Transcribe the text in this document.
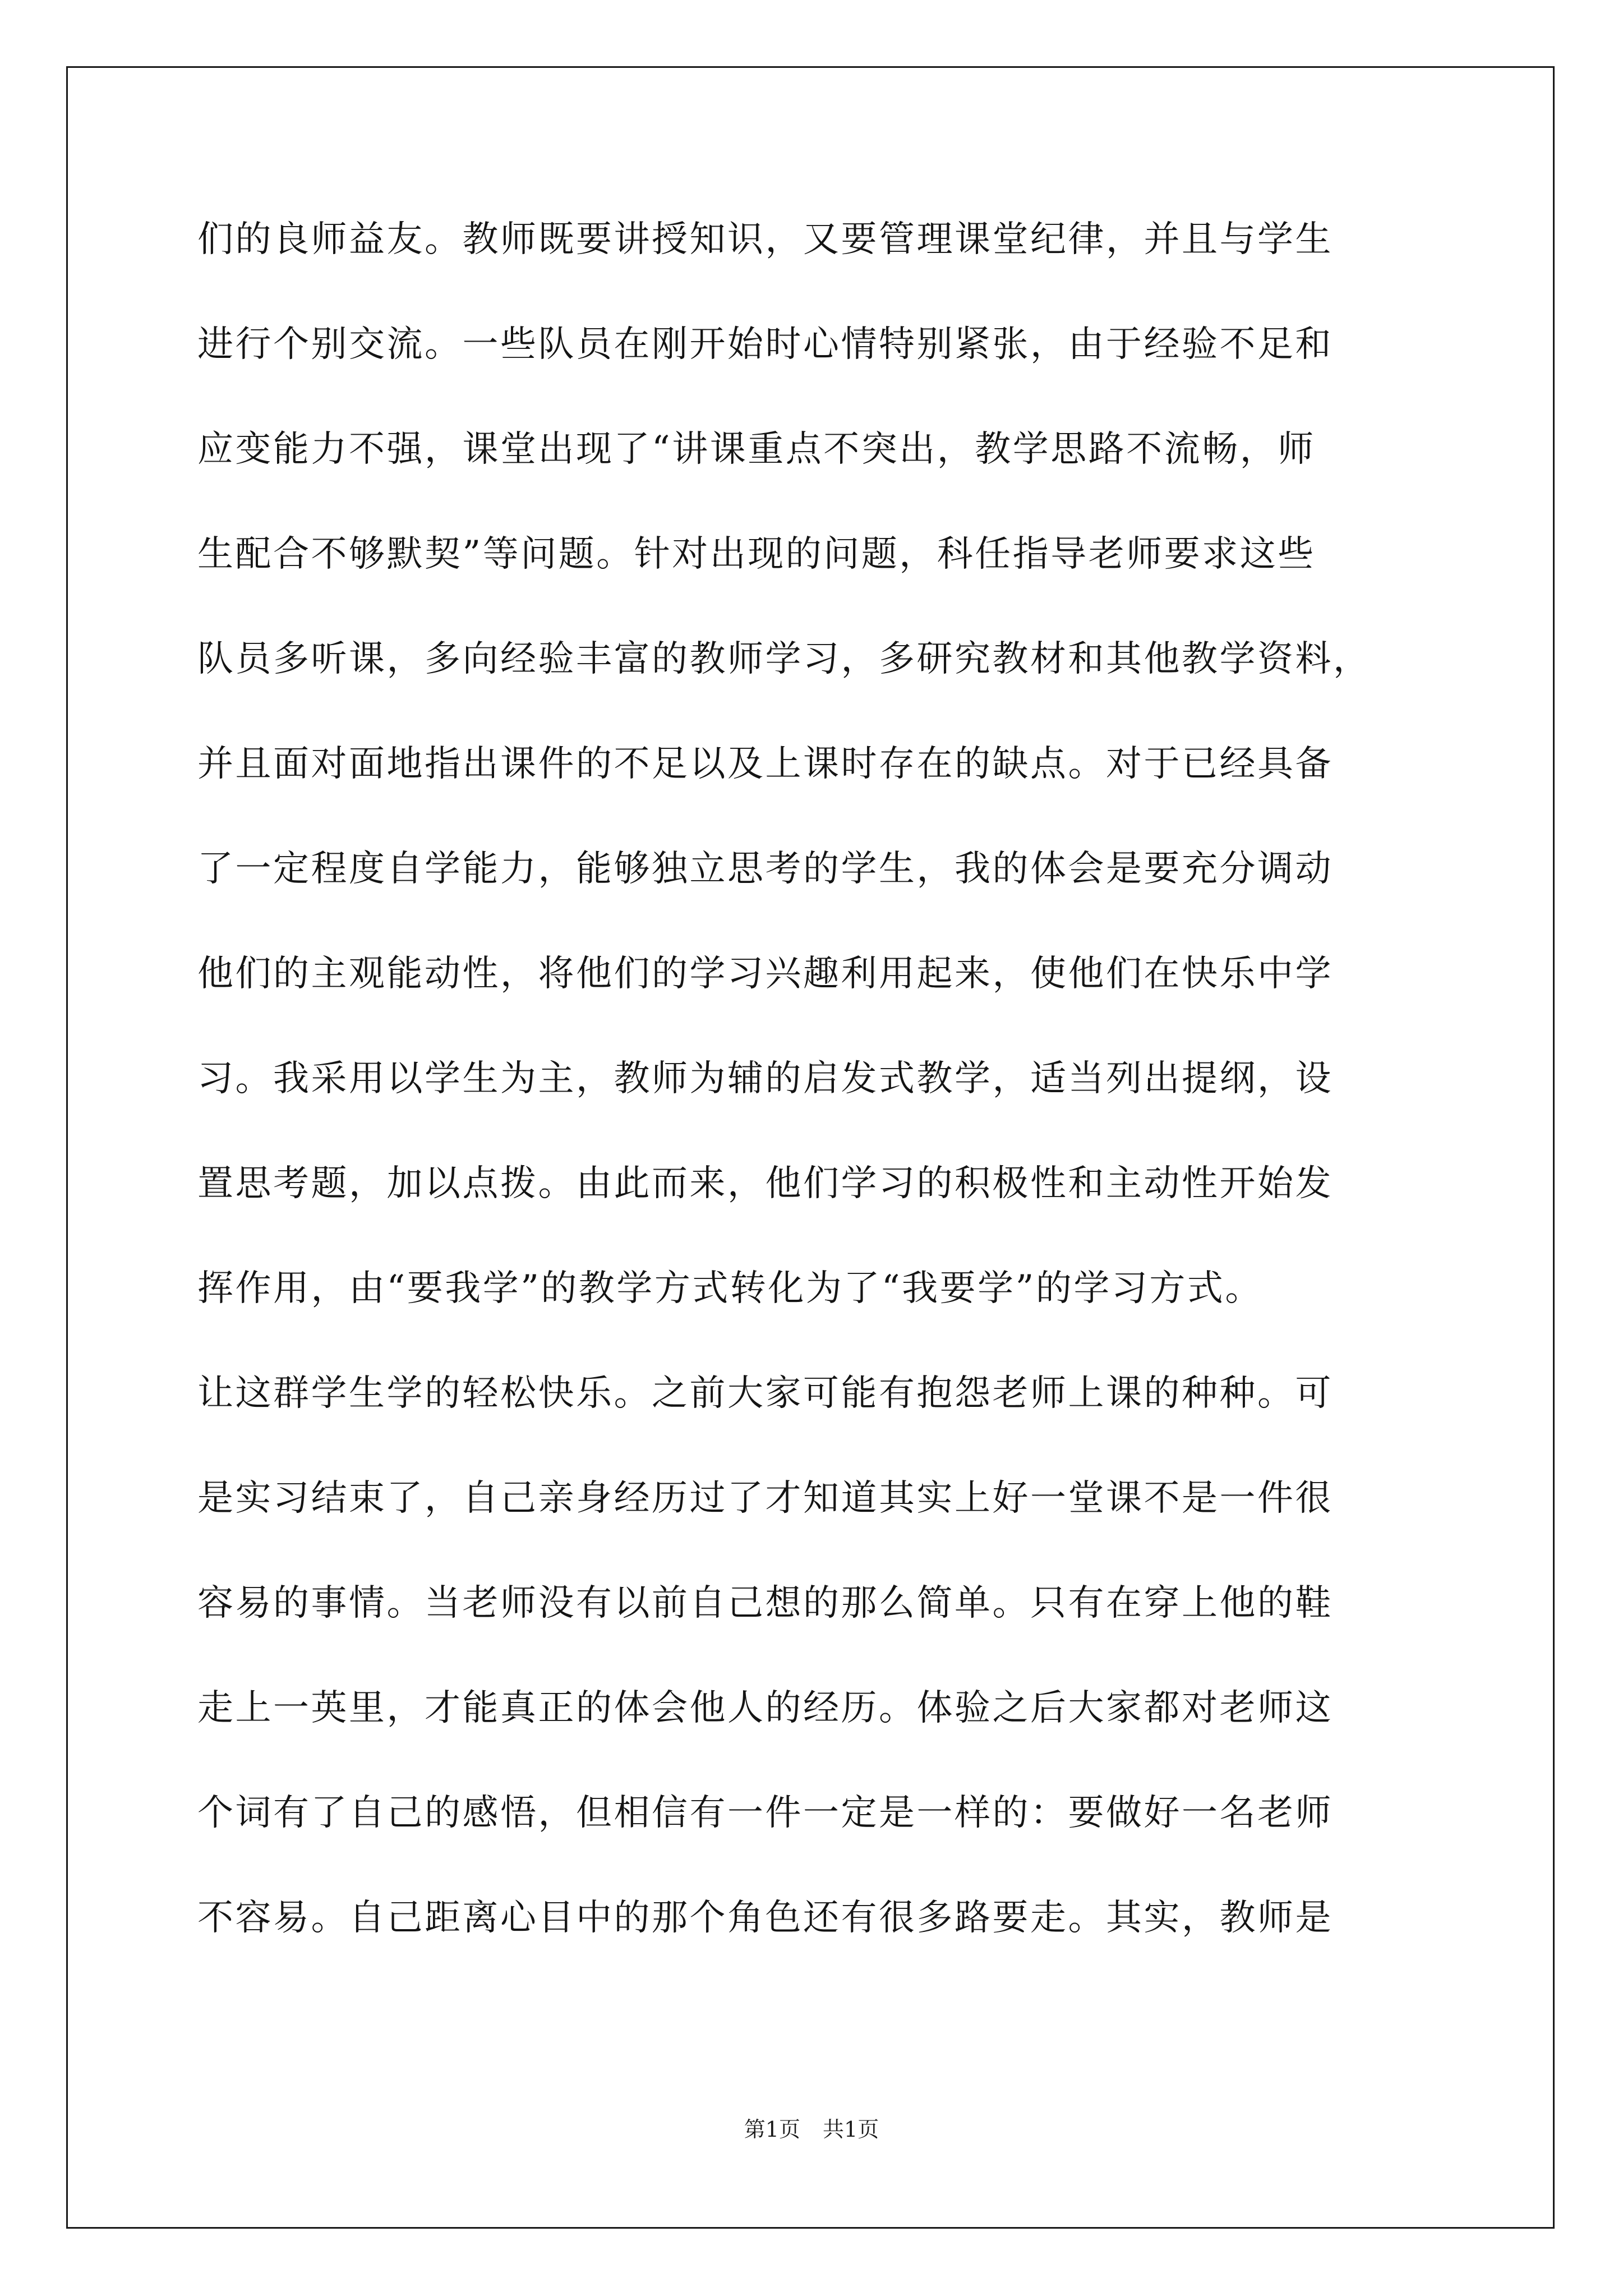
们的良师益友。教师既要讲授知识，又要管理课堂纪律，并且与学生
进行个别交流。一些队员在刚开始时心情特别紧张，由于经验不足和
应变能力不强，课堂出现了“讲课重点不突出，教学思路不流畅，师
生配合不够默契”等问题。针对出现的问题，科任指导老师要求这些
队员多听课，多向经验丰富的教师学习，多研究教材和其他教学资料，
并且面对面地指出课件的不足以及上课时存在的缺点。对于已经具备
了一定程度自学能力，能够独立思考的学生，我的体会是要充分调动
他们的主观能动性，将他们的学习兴趣利用起来，使他们在快乐中学
习。我采用以学生为主，教师为辅的启发式教学，适当列出提纲，设
置思考题，加以点拨。由此而来，他们学习的积极性和主动性开始发
挥作用，由“要我学”的教学方式转化为了“我要学”的学习方式。
让这群学生学的轻松快乐。之前大家可能有抱怨老师上课的种种。可
是实习结束了，自己亲身经历过了才知道其实上好一堂课不是一件很
容易的事情。当老师没有以前自己想的那么简单。只有在穿上他的鞋
走上一英里，才能真正的体会他人的经历。体验之后大家都对老师这
个词有了自己的感悟，但相信有一件一定是一样的：要做好一名老师
不容易。自己距离心目中的那个角色还有很多路要走。其实，教师是
第1页 共1页
